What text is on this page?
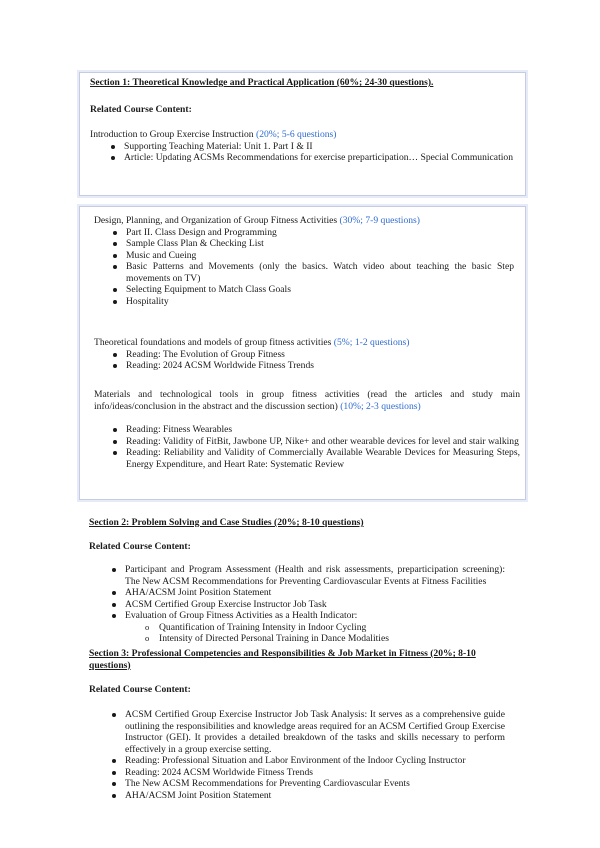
Section 1: Theoretical Knowledge and Practical Application (60%; 24-30 questions).

Related Course Content:

Introduction to Group Exercise Instruction (20%; 5-6 questions)

Supporting Teaching Material: Unit 1. Part I & II
Article: Updating ACSMs Recommendations for exercise preparticipation… Special Communication

Design, Planning, and Organization of Group Fitness Activities (30%; 7-9 questions)

Part II. Class Design and Programming
Sample Class Plan & Checking List
Music and Cueing
Basic Patterns and Movements (only the basics. Watch video about teaching the basic Step movements on TV)
Selecting Equipment to Match Class Goals
Hospitality

Theoretical foundations and models of group fitness activities (5%; 1-2 questions)

Reading: The Evolution of Group Fitness
Reading: 2024 ACSM Worldwide Fitness Trends

Materials and technological tools in group fitness activities (read the articles and study main info/ideas/conclusion in the abstract and the discussion section) (10%; 2-3 questions)

Reading: Fitness Wearables
Reading: Validity of FitBit, Jawbone UP, Nike+ and other wearable devices for level and stair walking
Reading: Reliability and Validity of Commercially Available Wearable Devices for Measuring Steps, Energy Expenditure, and Heart Rate: Systematic Review

Section 2: Problem Solving and Case Studies (20%; 8-10 questions)

Related Course Content:

Participant and Program Assessment (Health and risk assessments, preparticipation screening): The New ACSM Recommendations for Preventing Cardiovascular Events at Fitness Facilities
AHA/ACSM Joint Position Statement
ACSM Certified Group Exercise Instructor Job Task
Evaluation of Group Fitness Activities as a Health Indicator:
o Quantification of Training Intensity in Indoor Cycling
o Intensity of Directed Personal Training in Dance Modalities

Section 3: Professional Competencies and Responsibilities & Job Market in Fitness (20%; 8-10 questions)

Related Course Content:

ACSM Certified Group Exercise Instructor Job Task Analysis: It serves as a comprehensive guide outlining the responsibilities and knowledge areas required for an ACSM Certified Group Exercise Instructor (GEI). It provides a detailed breakdown of the tasks and skills necessary to perform effectively in a group exercise setting.
Reading: Professional Situation and Labor Environment of the Indoor Cycling Instructor
Reading: 2024 ACSM Worldwide Fitness Trends
The New ACSM Recommendations for Preventing Cardiovascular Events
AHA/ACSM Joint Position Statement
